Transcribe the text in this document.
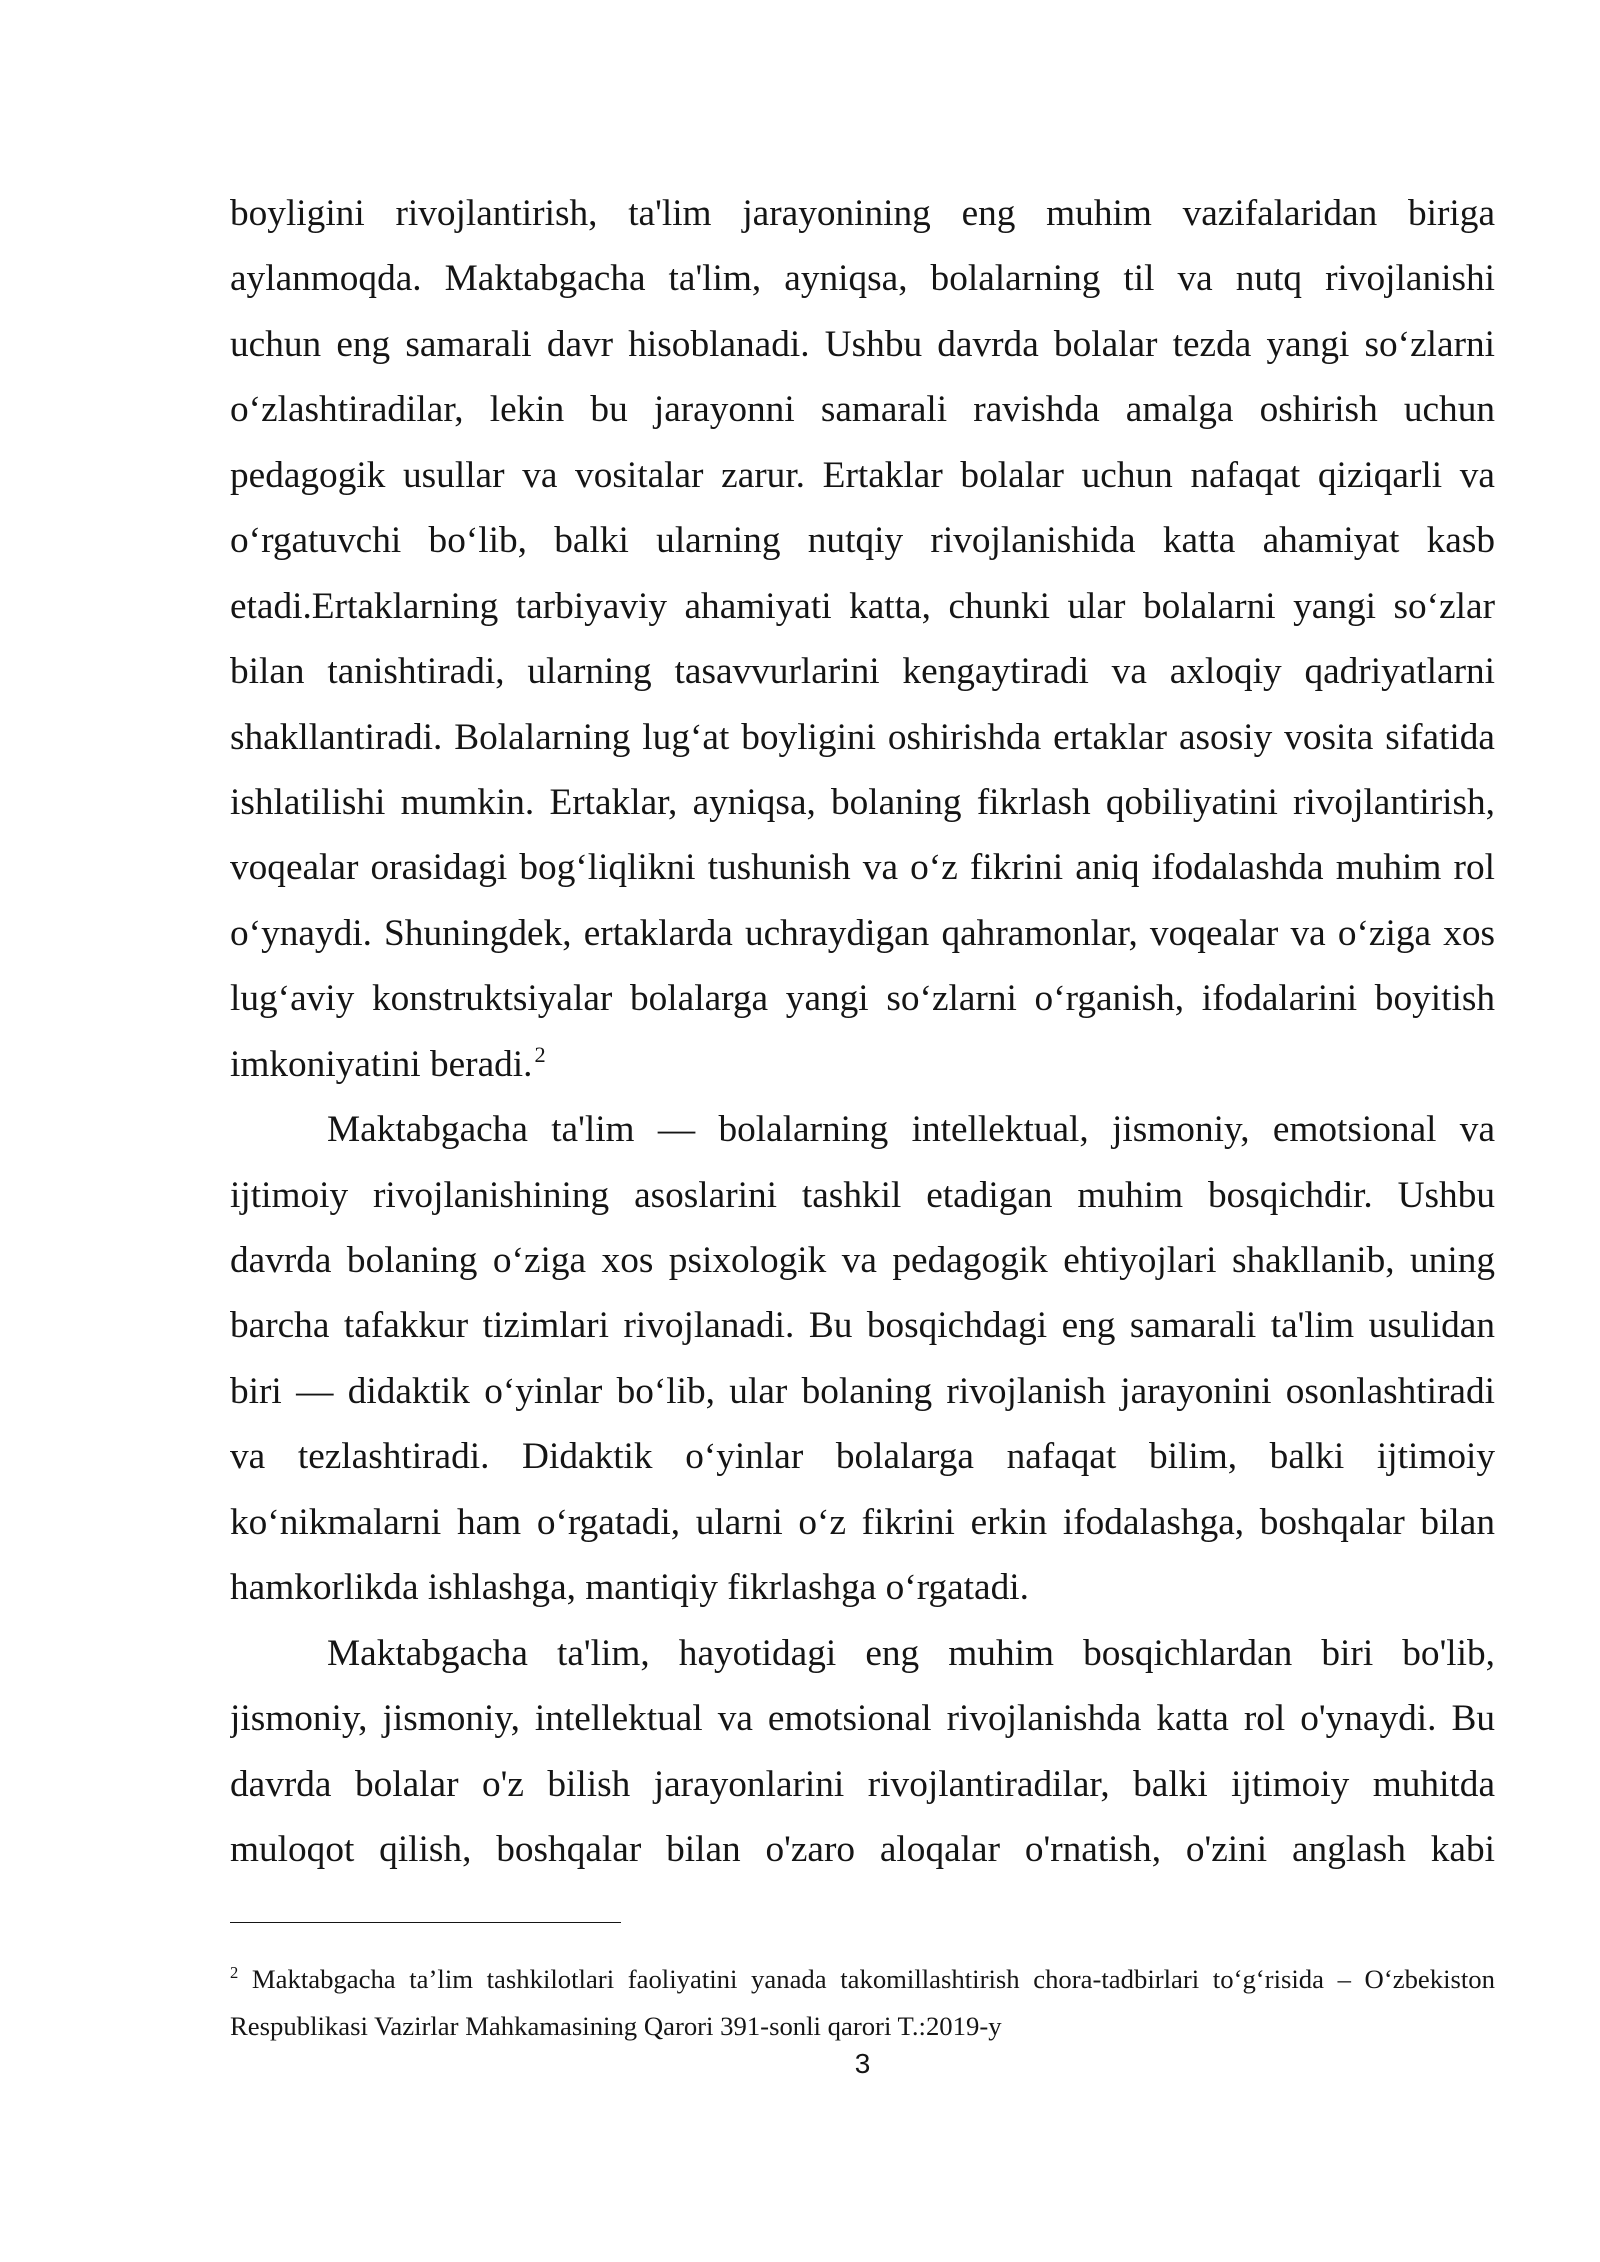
boyligini rivojlantirish, ta'lim jarayonining eng muhim vazifalaridan biriga
aylanmoqda. Maktabgacha ta'lim, ayniqsa, bolalarning til va nutq rivojlanishi
uchun eng samarali davr hisoblanadi. Ushbu davrda bolalar tezda yangi so‘zlarni
o‘zlashtiradilar, lekin bu jarayonni samarali ravishda amalga oshirish uchun
pedagogik usullar va vositalar zarur. Ertaklar bolalar uchun nafaqat qiziqarli va
o‘rgatuvchi bo‘lib, balki ularning nutqiy rivojlanishida katta ahamiyat kasb
etadi.Ertaklarning tarbiyaviy ahamiyati katta, chunki ular bolalarni yangi so‘zlar
bilan tanishtiradi, ularning tasavvurlarini kengaytiradi va axloqiy qadriyatlarni
shakllantiradi. Bolalarning lug‘at boyligini oshirishda ertaklar asosiy vosita sifatida
ishlatilishi mumkin. Ertaklar, ayniqsa, bolaning fikrlash qobiliyatini rivojlantirish,
voqealar orasidagi bog‘liqlikni tushunish va o‘z fikrini aniq ifodalashda muhim rol
o‘ynaydi. Shuningdek, ertaklarda uchraydigan qahramonlar, voqealar va o‘ziga xos
lug‘aviy konstruktsiyalar bolalarga yangi so‘zlarni o‘rganish, ifodalarini boyitish
imkoniyatini beradi.$^2$
Maktabgacha ta'lim — bolalarning intellektual, jismoniy, emotsional va
ijtimoiy rivojlanishining asoslarini tashkil etadigan muhim bosqichdir. Ushbu
davrda bolaning o‘ziga xos psixologik va pedagogik ehtiyojlari shakllanib, uning
barcha tafakkur tizimlari rivojlanadi. Bu bosqichdagi eng samarali ta'lim usulidan
biri — didaktik o‘yinlar bo‘lib, ular bolaning rivojlanish jarayonini osonlashtiradi
va tezlashtiradi. Didaktik o‘yinlar bolalarga nafaqat bilim, balki ijtimoiy
ko‘nikmalarni ham o‘rgatadi, ularni o‘z fikrini erkin ifodalashga, boshqalar bilan
hamkorlikda ishlashga, mantiqiy fikrlashga o‘rgatadi.
Maktabgacha ta'lim, hayotidagi eng muhim bosqichlardan biri bo'lib,
jismoniy, jismoniy, intellektual va emotsional rivojlanishda katta rol o'ynaydi. Bu
davrda bolalar o'z bilish jarayonlarini rivojlantiradilar, balki ijtimoiy muhitda
muloqot qilish, boshqalar bilan o'zaro aloqalar o'rnatish, o'zini anglash kabi
$^2$ Maktabgacha ta’lim tashkilotlari faoliyatini yanada takomillashtirish chora-tadbirlari to‘g‘risida – O‘zbekiston
Respublikasi Vazirlar Mahkamasining Qarori 391-sonli qarori T.:2019-y
3
